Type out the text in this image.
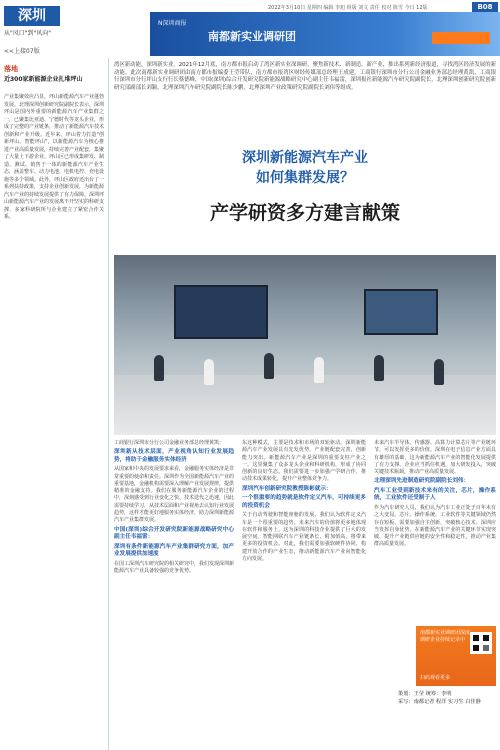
深圳
从"风口"到"风向"
<<上接07版
2022年3月10日 星期四 编辑 李旭 组版 刘文 责任 校对 陈雪 今日 12版	B08
N深圳商报
南都新实业调研团
落地
近300家新能源企业扎堆坪山
产业集聚效应凸显，坪山新能源汽车产业蓬勃发展。北理深圳创新研究院副院长表示，深圳坪山是国内外重要的新能源汽车产业集群之一，已聚集比亚迪、宁德时代等龙头企业，形成了完整的产业链条，推动了新能源汽车技术创新和产业升级。近年来，坪山着力打造"创新坪山、智能坪山"，以新能源汽车为核心推进产业高质量发展，持续完善产业配套，集聚了大量上下游企业。坪山区已形成集研发、制造、测试、销售于一体的新能源汽车产业生态，涵盖整车、动力电池、电机电控、充电设施等多个领域。此外，坪山区政府还出台了一系列扶持政策，支持企业创新发展，为新能源汽车产业的持续发展提供了有力保障。深圳坪山新能源汽车产业的发展离不开坚实的科研支撑，多家科研院所与企业建立了紧密合作关系。
湾区新动能，深圳新实业。2021年12月底，南方都市报启动了湾区新实业深调研，聚焦新技术、新制造、新产业，推出系列新经济报道，寻找湾区经济发展的新动能。此次南都新实业调研团由南方都市报编委王莹带队，南方都市报湾区财经传媒部总经理王成建，工商银行深圳市分行公司金融业务部总经理黄凯，工商银行深圳市分行坪山支行行长蔡德峰，中国(深圳)综合开发研究院新能源战略研究中心副主任韦福雷，深圳报社新能源汽车研究院副院长，北理深圳创新研究院创新研究部副部长刘颖，北理深圳汽车研究院副院长陈少鹏，北理深圳产业政策研究院副院长刘伟等组成。
深圳新能源汽车产业
如何集群发展？
产学研资多方建言献策
工商银行深圳市分行公司金融业务部总经理黄凯：
深圳新从技术层面，产业视角认知行业发展趋势，将助于金融服务实体经济
从国家和中央的发展要求来看，金融服务实体经济是非常重要的使命和责任。深圳作为全国新能源汽车产业的重要基地，金融机构需要深入理解产业发展规律，提供精准的金融支持。我们在服务新能源汽车企业的过程中，深刻感受到行业变化之快、技术迭代之迅速，因此需要持续学习，从技术层面和产业视角去认知行业发展趋势，这样才能更好地服务实体经济，助力深圳新能源汽车产业集群发展。
中国(深圳)综合开发研究院新能源战略研究中心副主任韦福雷：
深圳有条件新能源汽车产业集群研究方面，加产业发展提供加速度
在国工深圳汽车研究院的相关研究中，我们发现深圳新能源汽车产业具备较强的竞争优势。
东这种模式，主要是技术和市场的双轮驱动。深圳新能源汽车产业发展具有先发优势，产业链配套完善，创新能力突出。新能源汽车产业是深圳的重要支柱产业之一，这里聚集了众多龙头企业和科研机构，形成了协同创新的良好生态。我们需要进一步加强产学研合作，推动技术成果转化，提升产业整体竞争力。
深圳汽车创新研究院教授陈彬就示：
一个很重要的趋势就是软件定义汽车，可持续更多的投资机会
关于自动驾驶和智能座舱的发展，我们认为软件定义汽车是一个很重要的趋势。未来汽车的价值将更多地体现在软件和服务上，这为深圳的科技企业提供了巨大的发展空间。智能网联汽车产业链条长、附加值高，将带来更多的投资机会。对此，我们需要加强软硬件协同，构建开放合作的产业生态，推动新能源汽车产业向智能化方向发展。
未来汽车半导体、传感器、高算力计算芯片等产业链环节，可以发挥更多的价值。深圳在电子信息产业方面具有雄厚的基础，这为新能源汽车产业的智能化发展提供了有力支撑。企业应当抓住机遇，加大研发投入，突破关键技术瓶颈，推动产业高质量发展。
北理深圳先进制造研究院副院长刘伟：
汽车工业受到新技术来有的关注，芯片，操作系统，工业软件还受制于人
作为汽车研究人员，我们认为汽车工业正处于百年未有之大变局。芯片、操作系统、工业软件等关键领域仍然存在短板，需要加强自主创新，突破核心技术。深圳应当发挥自身优势，在新能源汽车产业的关键环节实现突破，提升产业链供应链的安全性和稳定性，推动产业集群高质量发展。
南都新实业调研团深度调研企业持续记录中
扫码观看更多
策划：王莹 统筹：李明
采写：南都记者 程洋 实习生 白佳静
